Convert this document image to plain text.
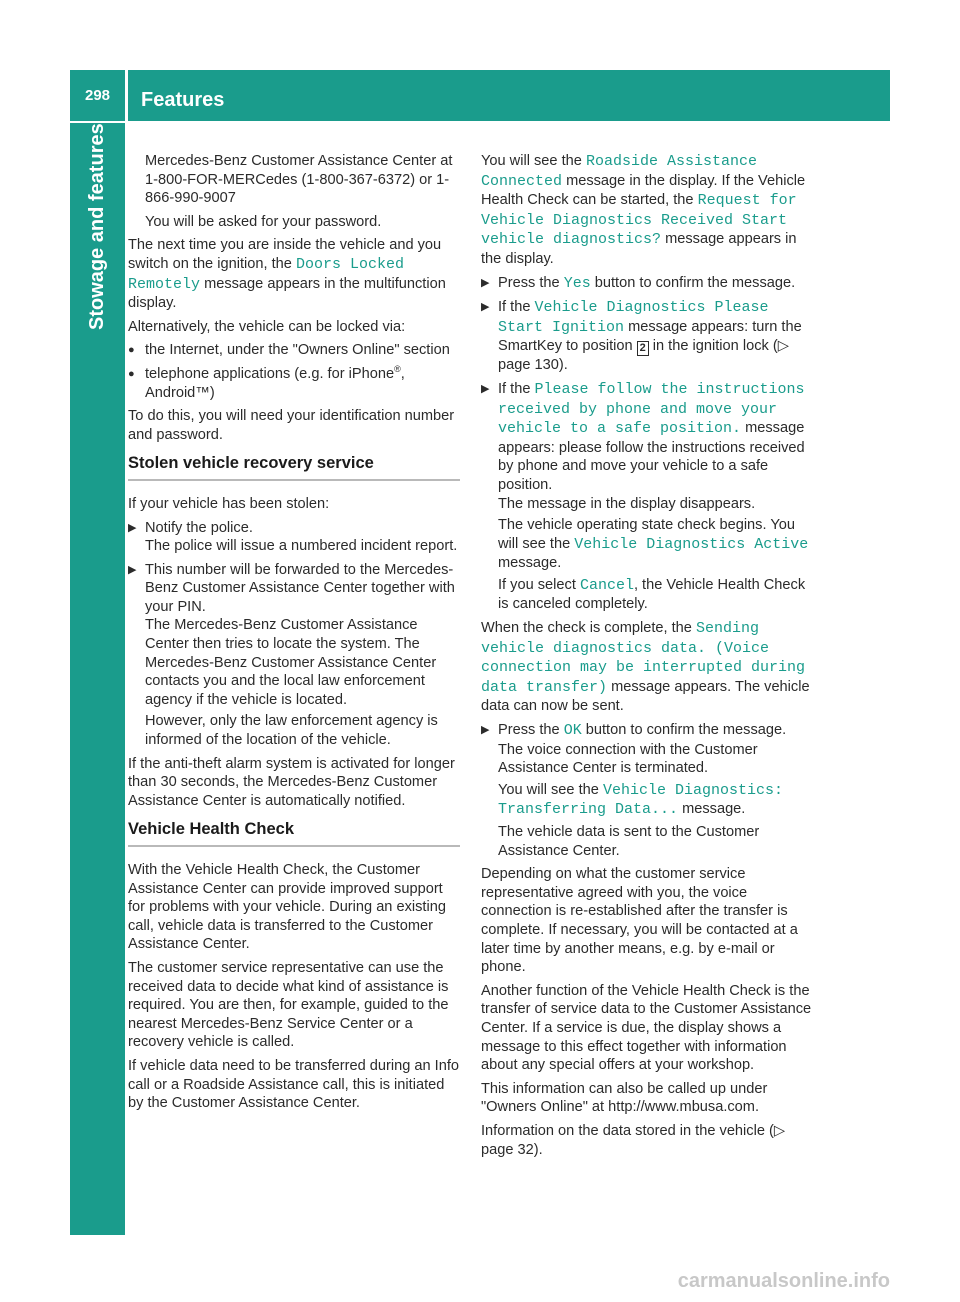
298	Features
Stowage and features	Mercedes-Benz Customer Assistance Center at 1-800-FOR-MERCedes (1-800-367-6372) or 1-866-990-9007

You will be asked for your password.

The next time you are inside the vehicle and you switch on the ignition, the Doors Locked Remotely message appears in the multifunction display.

Alternatively, the vehicle can be locked via:

● the Internet, under the "Owners Online" section
● telephone applications (e.g. for iPhone®, Android™)

To do this, you will need your identification number and password.

Stolen vehicle recovery service

If your vehicle has been stolen:

▶ Notify the police.
The police will issue a numbered incident report.
▶ This number will be forwarded to the Mercedes-Benz Customer Assistance Center together with your PIN.
The Mercedes-Benz Customer Assistance Center then tries to locate the system. The Mercedes-Benz Customer Assistance Center contacts you and the local law enforcement agency if the vehicle is located.
However, only the law enforcement agency is informed of the location of the vehicle.

If the anti-theft alarm system is activated for longer than 30 seconds, the Mercedes-Benz Customer Assistance Center is automatically notified.

Vehicle Health Check

With the Vehicle Health Check, the Customer Assistance Center can provide improved support for problems with your vehicle. During an existing call, vehicle data is transferred to the Customer Assistance Center.

The customer service representative can use the received data to decide what kind of assistance is required. You are then, for example, guided to the nearest Mercedes-Benz Service Center or a recovery vehicle is called.

If vehicle data need to be transferred during an Info call or a Roadside Assistance call, this is initiated by the Customer Assistance Center.

You will see the Roadside Assistance Connected message in the display. If the Vehicle Health Check can be started, the Request for Vehicle Diagnostics Received Start vehicle diagnostics? message appears in the display.

▶ Press the Yes button to confirm the message.
▶ If the Vehicle Diagnostics Please Start Ignition message appears: turn the SmartKey to position 2 in the ignition lock (▷ page 130).
▶ If the Please follow the instructions received by phone and move your vehicle to a safe position. message appears: please follow the instructions received by phone and move your vehicle to a safe position.
The message in the display disappears.
The vehicle operating state check begins. You will see the Vehicle Diagnostics Active message.
If you select Cancel, the Vehicle Health Check is canceled completely.

When the check is complete, the Sending vehicle diagnostics data. (Voice connection may be interrupted during data transfer) message appears. The vehicle data can now be sent.

▶ Press the OK button to confirm the message. The voice connection with the Customer Assistance Center is terminated.
You will see the Vehicle Diagnostics: Transferring Data... message.
The vehicle data is sent to the Customer Assistance Center.

Depending on what the customer service representative agreed with you, the voice connection is re-established after the transfer is complete. If necessary, you will be contacted at a later time by another means, e.g. by e-mail or phone.

Another function of the Vehicle Health Check is the transfer of service data to the Customer Assistance Center. If a service is due, the display shows a message to this effect together with information about any special offers at your workshop.

This information can also be called up under "Owners Online" at http://www.mbusa.com.

Information on the data stored in the vehicle (▷ page 32).

carmanualsonline.info
